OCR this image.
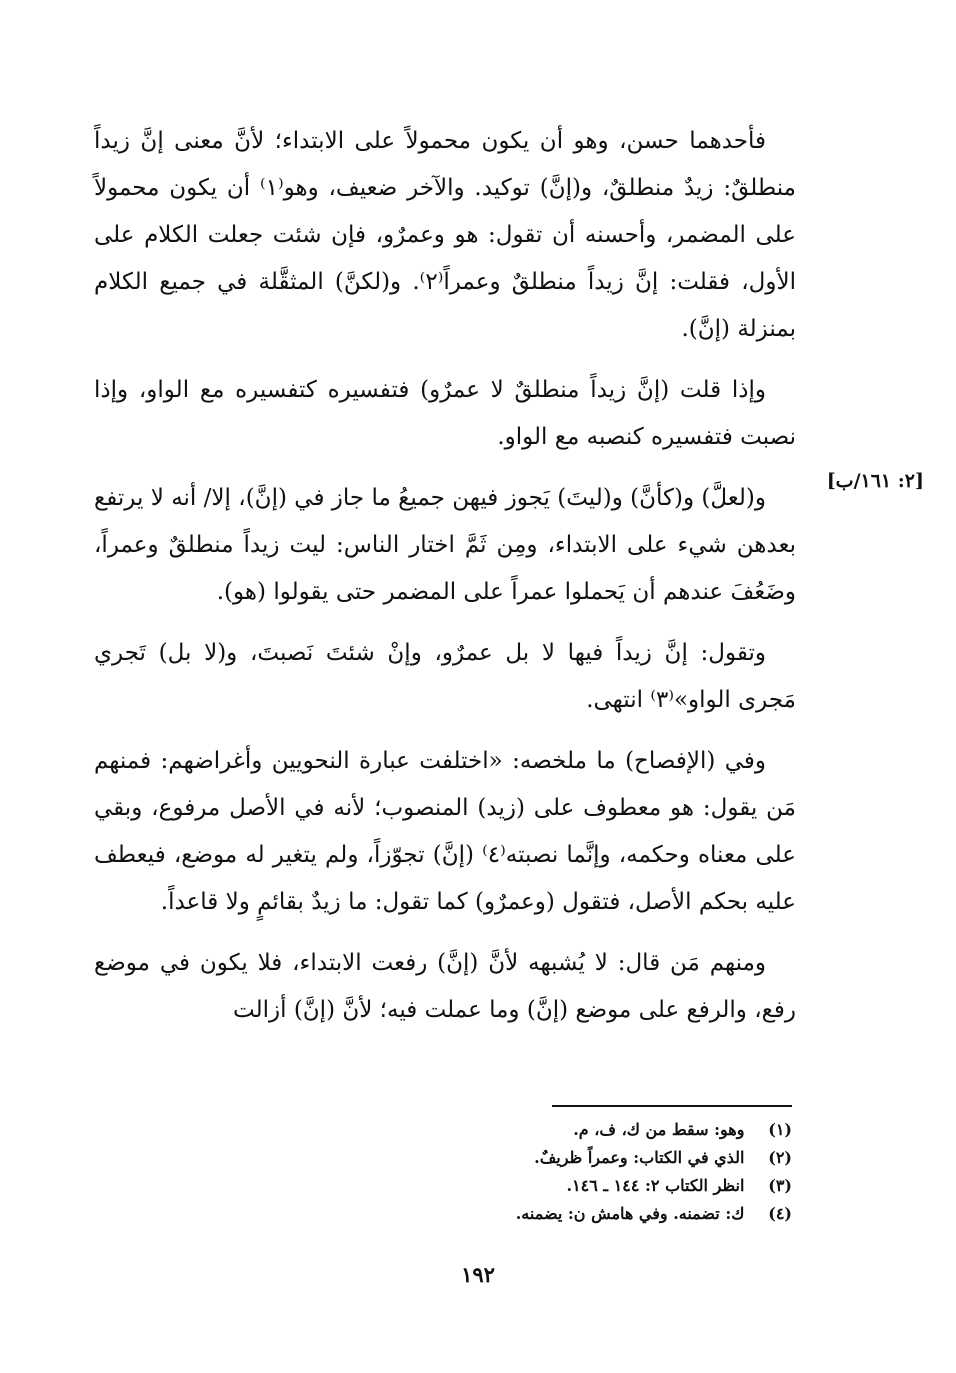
فأحدهما حسن، وهو أن يكون محمولاً على الابتداء؛ لأنَّ معنى إنَّ زيداً منطلقٌ: زيدٌ منطلقٌ، و(إنَّ) توكيد. والآخر ضعيف، وهو⁽١⁾ أن يكون محمولاً على المضمر، وأحسنه أن تقول: هو وعمرٌو، فإن شئت جعلت الكلام على الأول، فقلت: إنَّ زيداً منطلقٌ وعمراً⁽٢⁾. و(لكنَّ) المثقَّلة في جميع الكلام بمنزلة (إنَّ).

وإذا قلت (إنَّ زيداً منطلقٌ لا عمرٌو) فتفسيره كتفسيره مع الواو، وإذا نصبت فتفسيره كنصبه مع الواو.

و(لعلَّ) و(كأنَّ) و(ليتَ) يَجوز فيهن جميعُ ما جاز في (إنَّ)، إلا/ أنه لا يرتفع بعدهن شيء على الابتداء، ومِن ثَمَّ اختار الناس: ليت زيداً منطلقٌ وعمراً، وضَعُفَ عندهم أن يَحملوا عمراً على المضمر حتى يقولوا (هو).

وتقول: إنَّ زيداً فيها لا بل عمرٌو، وإنْ شئتَ نَصبتَ، و(لا بل) تَجري مَجرى الواو»⁽٣⁾ انتهى.

وفي (الإفصاح) ما ملخصه: «اختلفت عبارة النحويين وأغراضهم: فمنهم مَن يقول: هو معطوف على (زيد) المنصوب؛ لأنه في الأصل مرفوع، وبقي على معناه وحكمه، وإنَّما نصبته⁽٤⁾ (إنَّ) تجوّزاً، ولم يتغير له موضع، فيعطف عليه بحكم الأصل، فتقول (وعمرٌو) كما تقول: ما زيدٌ بقائمٍ ولا قاعداً.

ومنهم مَن قال: لا يُشبهه لأنَّ (إنَّ) رفعت الابتداء، فلا يكون في موضع رفع، والرفع على موضع (إنَّ) وما عملت فيه؛ لأنَّ (إنَّ) أزالت

[٢: ١٦١/ب]
(١) وهو: سقط من ك، ف، م.
(٢) الذي في الكتاب: وعمراً ظريفٌ.
(٣) انظر الكتاب ٢: ١٤٤ ـ ١٤٦.
(٤) ك: تضمنه. وفي هامش ن: يضمنه.
١٩٢
